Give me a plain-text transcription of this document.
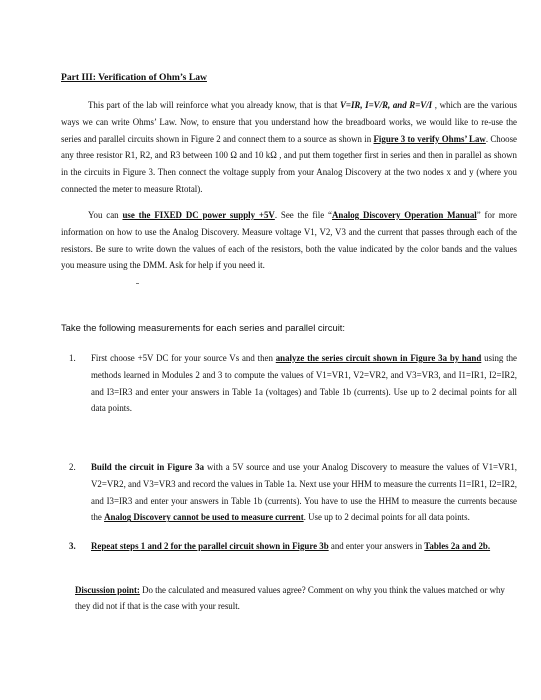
Part III: Verification of Ohm’s Law
This part of the lab will reinforce what you already know, that is that V=IR, I=V/R, and R=V/I , which are the various ways we can write Ohms’ Law. Now, to ensure that you understand how the breadboard works, we would like to re-use the series and parallel circuits shown in Figure 2 and connect them to a source as shown in Figure 3 to verify Ohms’ Law. Choose any three resistor R1, R2, and R3 between 100 Ω and 10 kΩ , and put them together first in series and then in parallel as shown in the circuits in Figure 3. Then connect the voltage supply from your Analog Discovery at the two nodes x and y (where you connected the meter to measure Rtotal).
You can use the FIXED DC power supply +5V. See the file “Analog Discovery Operation Manual” for more information on how to use the Analog Discovery. Measure voltage V1, V2, V3 and the current that passes through each of the resistors. Be sure to write down the values of each of the resistors, both the value indicated by the color bands and the values you measure using the DMM. Ask for help if you need it.
Take the following measurements for each series and parallel circuit:
1. First choose +5V DC for your source Vs and then analyze the series circuit shown in Figure 3a by hand using the methods learned in Modules 2 and 3 to compute the values of V1=VR1, V2=VR2, and V3=VR3, and I1=IR1, I2=IR2, and I3=IR3 and enter your answers in Table 1a (voltages) and Table 1b (currents). Use up to 2 decimal points for all data points.
2. Build the circuit in Figure 3a with a 5V source and use your Analog Discovery to measure the values of V1=VR1, V2=VR2, and V3=VR3 and record the values in Table 1a. Next use your HHM to measure the currents I1=IR1, I2=IR2, and I3=IR3 and enter your answers in Table 1b (currents). You have to use the HHM to measure the currents because the Analog Discovery cannot be used to measure current. Use up to 2 decimal points for all data points.
3. Repeat steps 1 and 2 for the parallel circuit shown in Figure 3b and enter your answers in Tables 2a and 2b.
Discussion point: Do the calculated and measured values agree? Comment on why you think the values matched or why they did not if that is the case with your result.
